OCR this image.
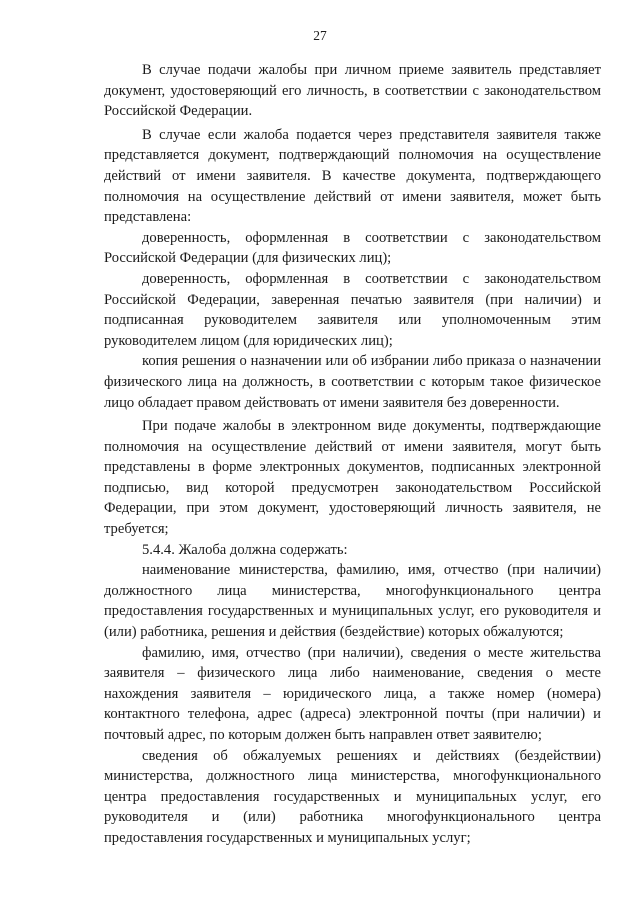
27

В случае подачи жалобы при личном приеме заявитель представляет документ, удостоверяющий его личность, в соответствии с законодательством Российской Федерации.

В случае если жалоба подается через представителя заявителя также представляется документ, подтверждающий полномочия на осуществление действий от имени заявителя. В качестве документа, подтверждающего полномочия на осуществление действий от имени заявителя, может быть представлена:

доверенность, оформленная в соответствии с законодательством Российской Федерации (для физических лиц);

доверенность, оформленная в соответствии с законодательством Российской Федерации, заверенная печатью заявителя (при наличии) и подписанная руководителем заявителя или уполномоченным этим руководителем лицом (для юридических лиц);

копия решения о назначении или об избрании либо приказа о назначении физического лица на должность, в соответствии с которым такое физическое лицо обладает правом действовать от имени заявителя без доверенности.

При подаче жалобы в электронном виде документы, подтверждающие полномочия на осуществление действий от имени заявителя, могут быть представлены в форме электронных документов, подписанных электронной подписью, вид которой предусмотрен законодательством Российской Федерации, при этом документ, удостоверяющий личность заявителя, не требуется;

5.4.4. Жалоба должна содержать:

наименование министерства, фамилию, имя, отчество (при наличии) должностного лица министерства, многофункционального центра предоставления государственных и муниципальных услуг, его руководителя и (или) работника, решения и действия (бездействие) которых обжалуются;

фамилию, имя, отчество (при наличии), сведения о месте жительства заявителя – физического лица либо наименование, сведения о месте нахождения заявителя – юридического лица, а также номер (номера) контактного телефона, адрес (адреса) электронной почты (при наличии) и почтовый адрес, по которым должен быть направлен ответ заявителю;

сведения об обжалуемых решениях и действиях (бездействии) министерства, должностного лица министерства, многофункционального центра предоставления государственных и муниципальных услуг, его руководителя и (или) работника многофункционального центра предоставления государственных и муниципальных услуг;
